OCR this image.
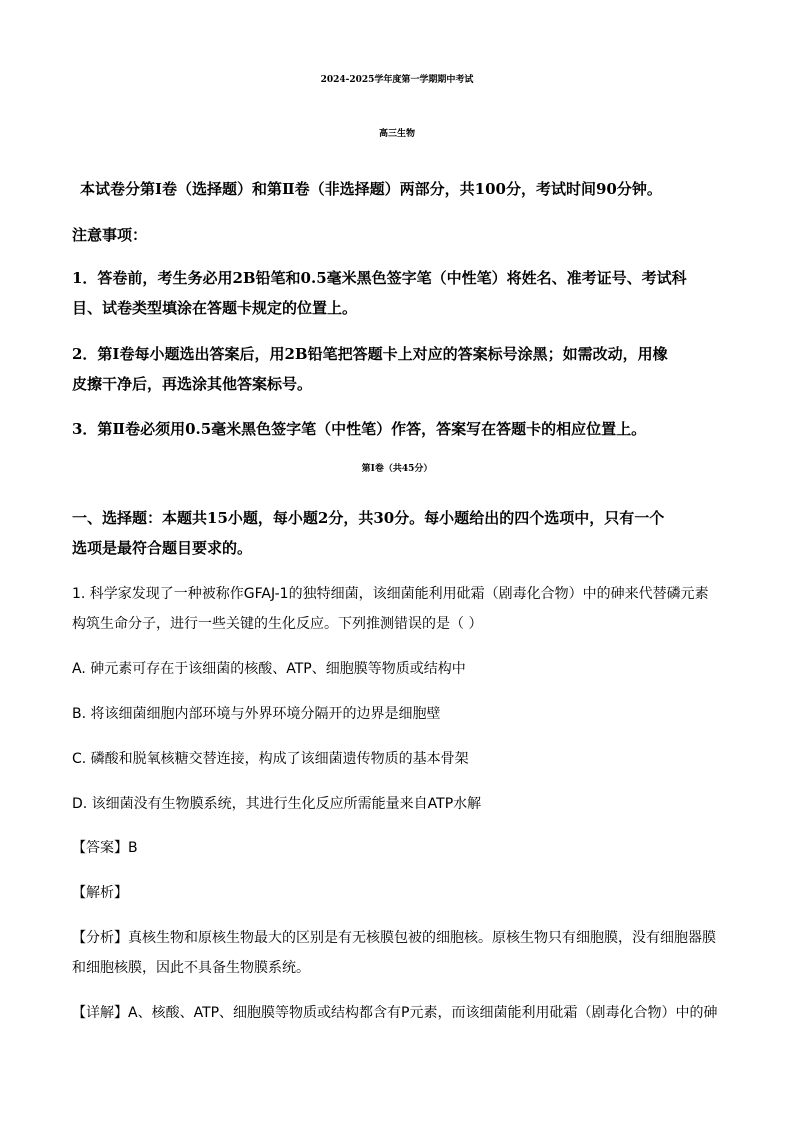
2024-2025学年度第一学期期中考试
高三生物
本试卷分第Ⅰ卷（选择题）和第Ⅱ卷（非选择题）两部分，共100分，考试时间90分钟。
注意事项：
1．答卷前，考生务必用2B铅笔和0.5毫米黑色签字笔（中性笔）将姓名、准考证号、考试科
目、试卷类型填涂在答题卡规定的位置上。
2．第Ⅰ卷每小题选出答案后，用2B铅笔把答题卡上对应的答案标号涂黑；如需改动，用橡
皮擦干净后，再选涂其他答案标号。
3．第Ⅱ卷必须用0.5毫米黑色签字笔（中性笔）作答，答案写在答题卡的相应位置上。
第Ⅰ卷（共45分）
一、选择题：本题共15小题，每小题2分，共30分。每小题给出的四个选项中，只有一个
选项是最符合题目要求的。
1. 科学家发现了一种被称作GFAJ-1的独特细菌，该细菌能利用砒霜（剧毒化合物）中的砷来代替磷元素
构筑生命分子，进行一些关键的生化反应。下列推测错误的是（ ）
A. 砷元素可存在于该细菌的核酸、ATP、细胞膜等物质或结构中
B. 将该细菌细胞内部环境与外界环境分隔开的边界是细胞壁
C. 磷酸和脱氧核糖交替连接，构成了该细菌遗传物质的基本骨架
D. 该细菌没有生物膜系统，其进行生化反应所需能量来自ATP水解
【答案】B
【解析】
【分析】真核生物和原核生物最大的区别是有无核膜包被的细胞核。原核生物只有细胞膜，没有细胞器膜
和细胞核膜，因此不具备生物膜系统。
【详解】A、核酸、ATP、细胞膜等物质或结构都含有P元素，而该细菌能利用砒霜（剧毒化合物）中的砷
